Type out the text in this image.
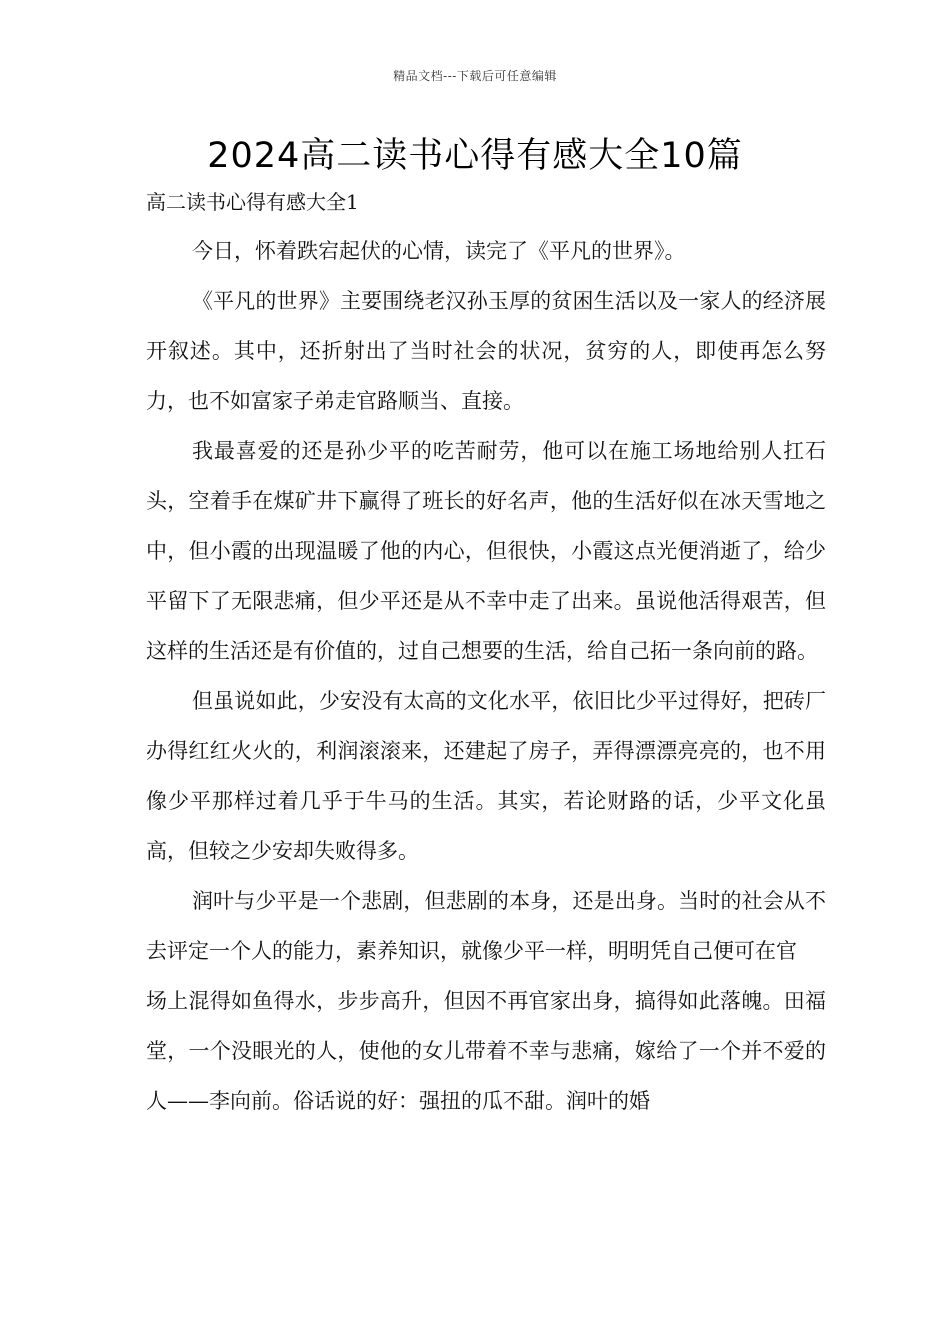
精品文档---下载后可任意编辑
2024高二读书心得有感大全10篇
高二读书心得有感大全1

今日，怀着跌宕起伏的心情，读完了《平凡的世界》。

《平凡的世界》主要围绕老汉孙玉厚的贫困生活以及一家人的经济展开叙述。其中，还折射出了当时社会的状况，贫穷的人，即使再怎么努力，也不如富家子弟走官路顺当、直接。

我最喜爱的还是孙少平的吃苦耐劳，他可以在施工场地给别人扛石头，空着手在煤矿井下赢得了班长的好名声，他的生活好似在冰天雪地之中，但小霞的出现温暖了他的内心，但很快，小霞这点光便消逝了，给少平留下了无限悲痛，但少平还是从不幸中走了出来。虽说他活得艰苦，但这样的生活还是有价值的，过自己想要的生活，给自己拓一条向前的路。

但虽说如此，少安没有太高的文化水平，依旧比少平过得好，把砖厂办得红红火火的，利润滚滚来，还建起了房子，弄得漂漂亮亮的，也不用像少平那样过着几乎于牛马的生活。其实，若论财路的话，少平文化虽高，但较之少安却失败得多。

润叶与少平是一个悲剧，但悲剧的本身，还是出身。当时的社会从不去评定一个人的能力，素养知识，就像少平一样，明明凭自己便可在官

场上混得如鱼得水，步步高升，但因不再官家出身，搞得如此落魄。田福堂，一个没眼光的人，使他的女儿带着不幸与悲痛，嫁给了一个并不爱的人——李向前。俗话说的好：强扭的瓜不甜。润叶的婚
